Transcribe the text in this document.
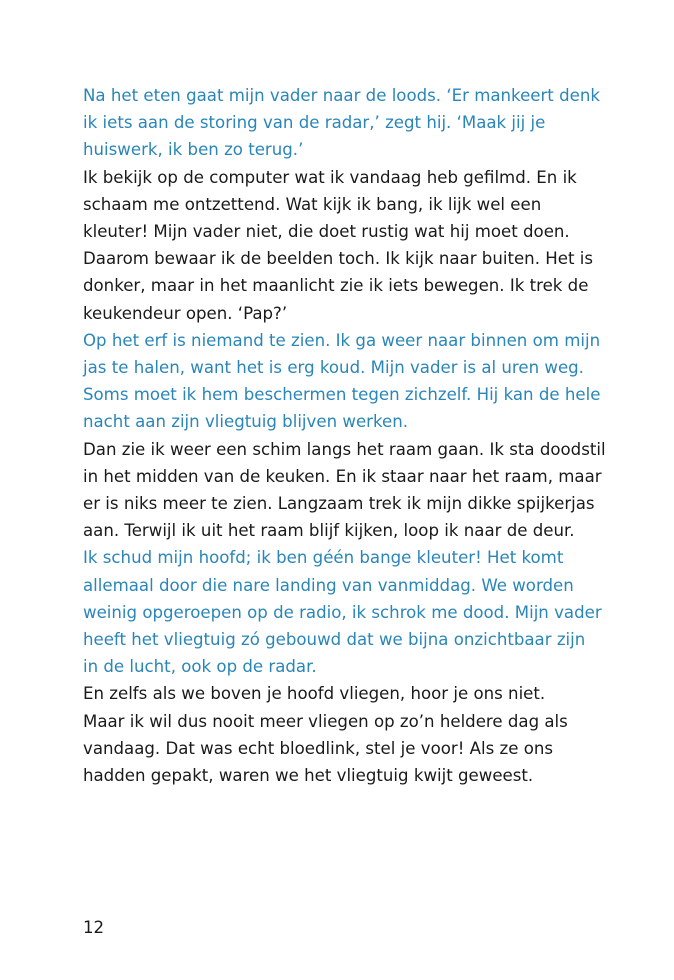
Na het eten gaat mijn vader naar de loods. ‘Er mankeert denk
ik iets aan de storing van de radar,’ zegt hij. ‘Maak jij je
huiswerk, ik ben zo terug.’

Ik bekijk op de computer wat ik vandaag heb gefilmd. En ik
schaam me ontzettend. Wat kijk ik bang, ik lijk wel een
kleuter! Mijn vader niet, die doet rustig wat hij moet doen.
Daarom bewaar ik de beelden toch. Ik kijk naar buiten. Het is
donker, maar in het maanlicht zie ik iets bewegen. Ik trek de
keukendeur open. ‘Pap?’

Op het erf is niemand te zien. Ik ga weer naar binnen om mijn
jas te halen, want het is erg koud. Mijn vader is al uren weg.
Soms moet ik hem beschermen tegen zichzelf. Hij kan de hele
nacht aan zijn vliegtuig blijven werken.

Dan zie ik weer een schim langs het raam gaan. Ik sta doodstil
in het midden van de keuken. En ik staar naar het raam, maar
er is niks meer te zien. Langzaam trek ik mijn dikke spijkerjas
aan. Terwijl ik uit het raam blijf kijken, loop ik naar de deur.

Ik schud mijn hoofd; ik ben géén bange kleuter! Het komt
allemaal door die nare landing van vanmiddag. We worden
weinig opgeroepen op de radio, ik schrok me dood. Mijn vader
heeft het vliegtuig zó gebouwd dat we bijna onzichtbaar zijn
in de lucht, ook op de radar.

En zelfs als we boven je hoofd vliegen, hoor je ons niet.
Maar ik wil dus nooit meer vliegen op zo’n heldere dag als
vandaag. Dat was echt bloedlink, stel je voor! Als ze ons
hadden gepakt, waren we het vliegtuig kwijt geweest.

12
